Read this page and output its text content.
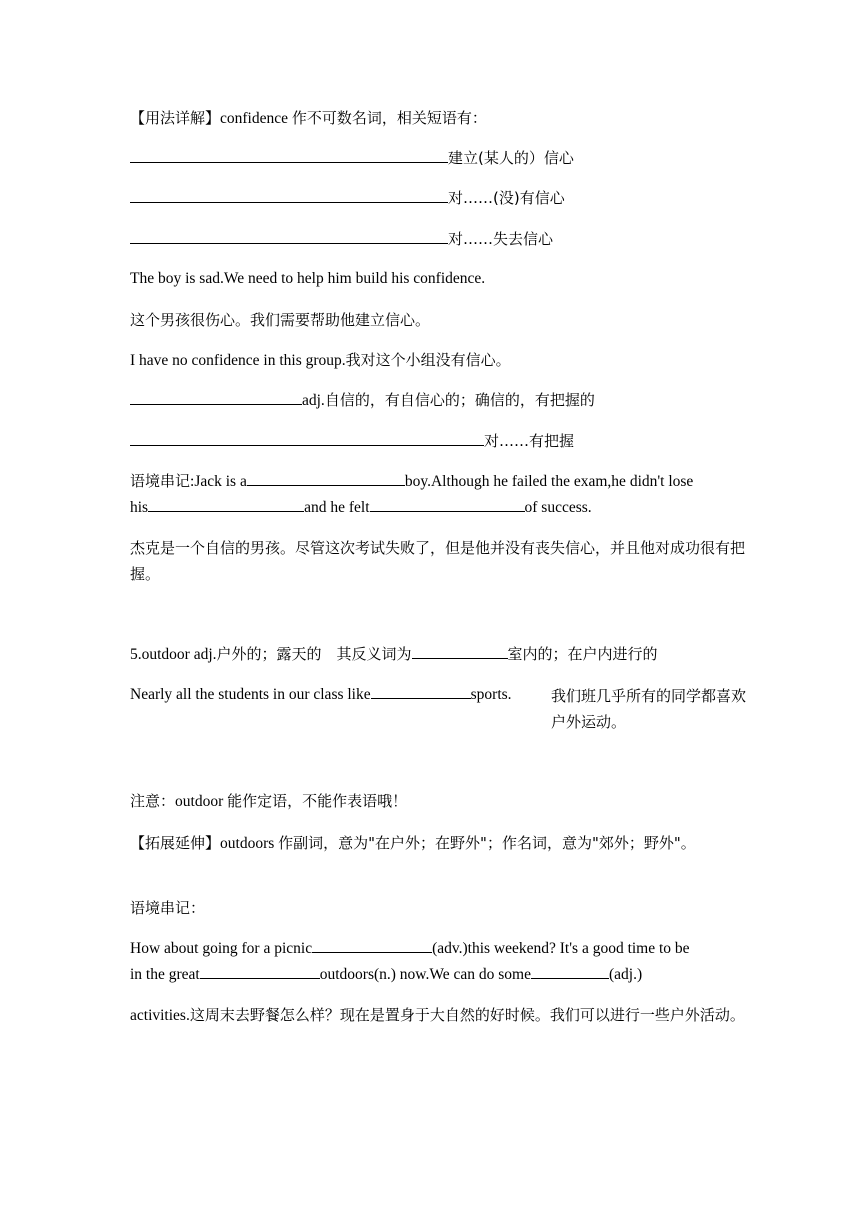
【用法详解】confidence 作不可数名词，相关短语有：
建立(某人的）信心
对……(没)有信心
对……失去信心
The boy is sad.We need to help him build his confidence.
这个男孩很伤心。我们需要帮助他建立信心。
I have no confidence in this group.我对这个小组没有信心。
adj.自信的，有自信心的；确信的，有把握的
对……有把握
语境串记:Jack is a	boy.Although he failed the exam,he didn't lose
his	and he felt	of success.
杰克是一个自信的男孩。尽管这次考试失败了，但是他并没有丧失信心，并且他对成功很有把握。
5.outdoor adj.户外的；露天的　其反义词为	室内的；在户内进行的
Nearly all the students in our class like	sports.	我们班几乎所有的同学都喜欢户外运动。
注意：outdoor 能作定语，不能作表语哦！
【拓展延伸】outdoors 作副词，意为"在户外；在野外"；作名词，意为"郊外；野外"。
语境串记：
How about going for a picnic	(adv.)this weekend? It's a good time to be
in the great	outdoors(n.) now.We can do some	(adj.)
activities.这周末去野餐怎么样？现在是置身于大自然的好时候。我们可以进行一些户外活动。
